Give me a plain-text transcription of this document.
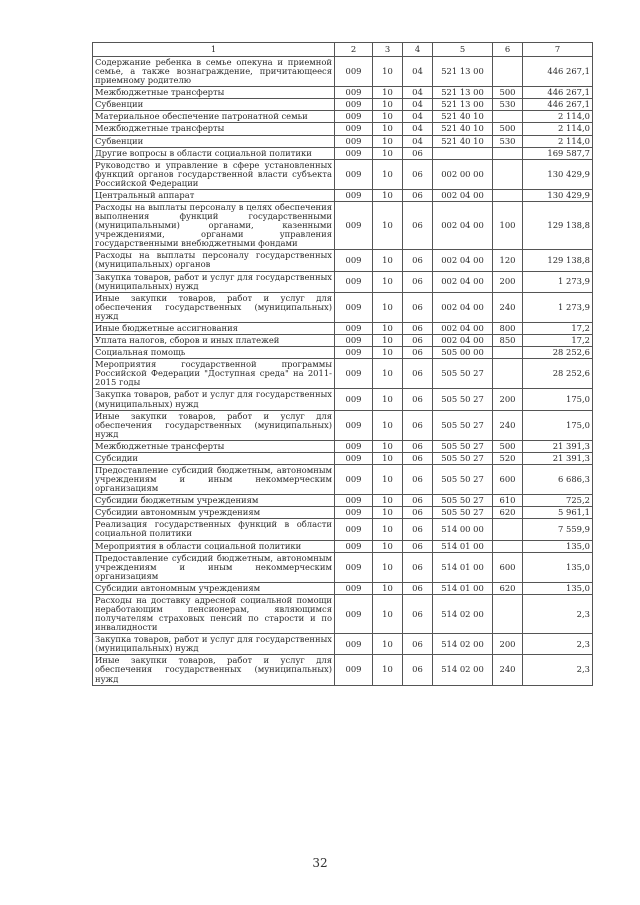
1	2	3	4	5	6	7
Содержание ребенка в семье опекуна и приемной семье, а также вознаграждение, причитающееся приемному родителю	009	10	04	521 13 00		446 267,1
Межбюджетные трансферты	009	10	04	521 13 00	500	446 267,1
Субвенции	009	10	04	521 13 00	530	446 267,1
Материальное обеспечение патронатной семьи	009	10	04	521 40 10		2 114,0
Межбюджетные трансферты	009	10	04	521 40 10	500	2 114,0
Субвенции	009	10	04	521 40 10	530	2 114,0
Другие вопросы в области социальной политики	009	10	06			169 587,7
Руководство и управление в сфере установленных функций органов государственной власти субъекта Российской Федерации	009	10	06	002 00 00		130 429,9
Центральный аппарат	009	10	06	002 04 00		130 429,9
Расходы на выплаты персоналу в целях обеспечения выполнения функций государственными (муниципальными) органами, казенными учреждениями, органами управления государственными внебюджетными фондами	009	10	06	002 04 00	100	129 138,8
Расходы на выплаты персоналу государственных (муниципальных) органов	009	10	06	002 04 00	120	129 138,8
Закупка товаров, работ и услуг для государственных (муниципальных) нужд	009	10	06	002 04 00	200	1 273,9
Иные закупки товаров, работ и услуг для обеспечения государственных (муниципальных) нужд	009	10	06	002 04 00	240	1 273,9
Иные бюджетные ассигнования	009	10	06	002 04 00	800	17,2
Уплата налогов, сборов и иных платежей	009	10	06	002 04 00	850	17,2
Социальная помощь	009	10	06	505 00 00		28 252,6
Мероприятия государственной программы Российской Федерации "Доступная среда" на 2011-2015 годы	009	10	06	505 50 27		28 252,6
Закупка товаров, работ и услуг для государственных (муниципальных) нужд	009	10	06	505 50 27	200	175,0
Иные закупки товаров, работ и услуг для обеспечения государственных (муниципальных) нужд	009	10	06	505 50 27	240	175,0
Межбюджетные трансферты	009	10	06	505 50 27	500	21 391,3
Субсидии	009	10	06	505 50 27	520	21 391,3
Предоставление субсидий бюджетным, автономным учреждениям и иным некоммерческим организациям	009	10	06	505 50 27	600	6 686,3
Субсидии бюджетным учреждениям	009	10	06	505 50 27	610	725,2
Субсидии автономным учреждениям	009	10	06	505 50 27	620	5 961,1
Реализация государственных функций в области социальной политики	009	10	06	514 00 00		7 559,9
Мероприятия в области социальной политики	009	10	06	514 01 00		135,0
Предоставление субсидий бюджетным, автономным учреждениям и иным некоммерческим организациям	009	10	06	514 01 00	600	135,0
Субсидии автономным учреждениям	009	10	06	514 01 00	620	135,0
Расходы на доставку адресной социальной помощи неработающим пенсионерам, являющимся получателям страховых пенсий по старости и по инвалидности	009	10	06	514 02 00		2,3
Закупка товаров, работ и услуг для государственных (муниципальных) нужд	009	10	06	514 02 00	200	2,3
Иные закупки товаров, работ и услуг для обеспечения государственных (муниципальных) нужд	009	10	06	514 02 00	240	2,3
32
